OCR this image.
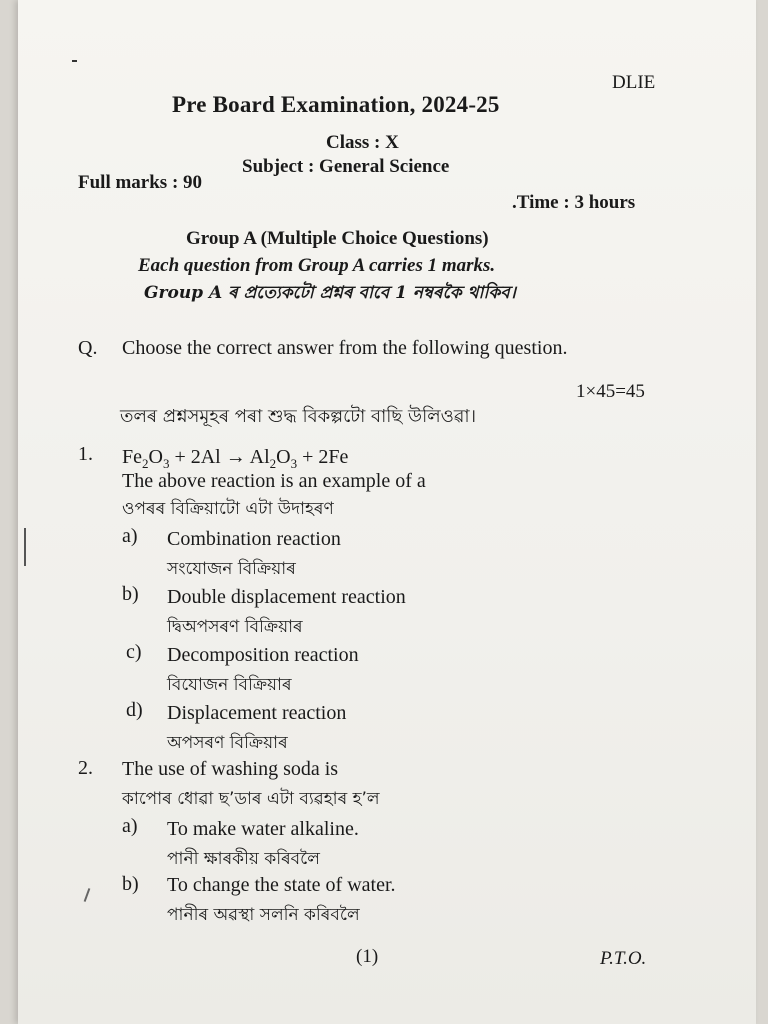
DLIE
Pre Board Examination, 2024-25
Class : X
Subject : General Science
Full marks : 90
.Time : 3 hours
Group A (Multiple Choice Questions)
Each question from Group A carries 1 marks.
Group A ৰ প্ৰত্যেকটো প্ৰশ্নৰ বাবে 1 নম্বৰকৈ থাকিব।
Q. Choose the correct answer from the following question.
1×45=45
তলৰ প্ৰশ্নসমূহৰ পৰা শুদ্ধ বিকল্পটো বাছি উলিওৱা।
1. $Fe_2O_3 + 2Al \to Al_2O_3 + 2Fe$
The above reaction is an example of a
ওপৰৰ বিক্ৰিয়াটো এটা উদাহৰণ
a) Combination reaction
সংযোজন বিক্ৰিয়াৰ
b) Double displacement reaction
দ্বিঅপসৰণ বিক্ৰিয়াৰ
c) Decomposition reaction
বিযোজন বিক্ৰিয়াৰ
d) Displacement reaction
অপসৰণ বিক্ৰিয়াৰ
2. The use of washing soda is
কাপোৰ ধোৱা ছ’ডাৰ এটা ব্যৱহাৰ হ’ল
a) To make water alkaline.
পানী ক্ষাৰকীয় কৰিবলৈ
b) To change the state of water.
পানীৰ অৱস্থা সলনি কৰিবলৈ
(1)	P.T.O.
